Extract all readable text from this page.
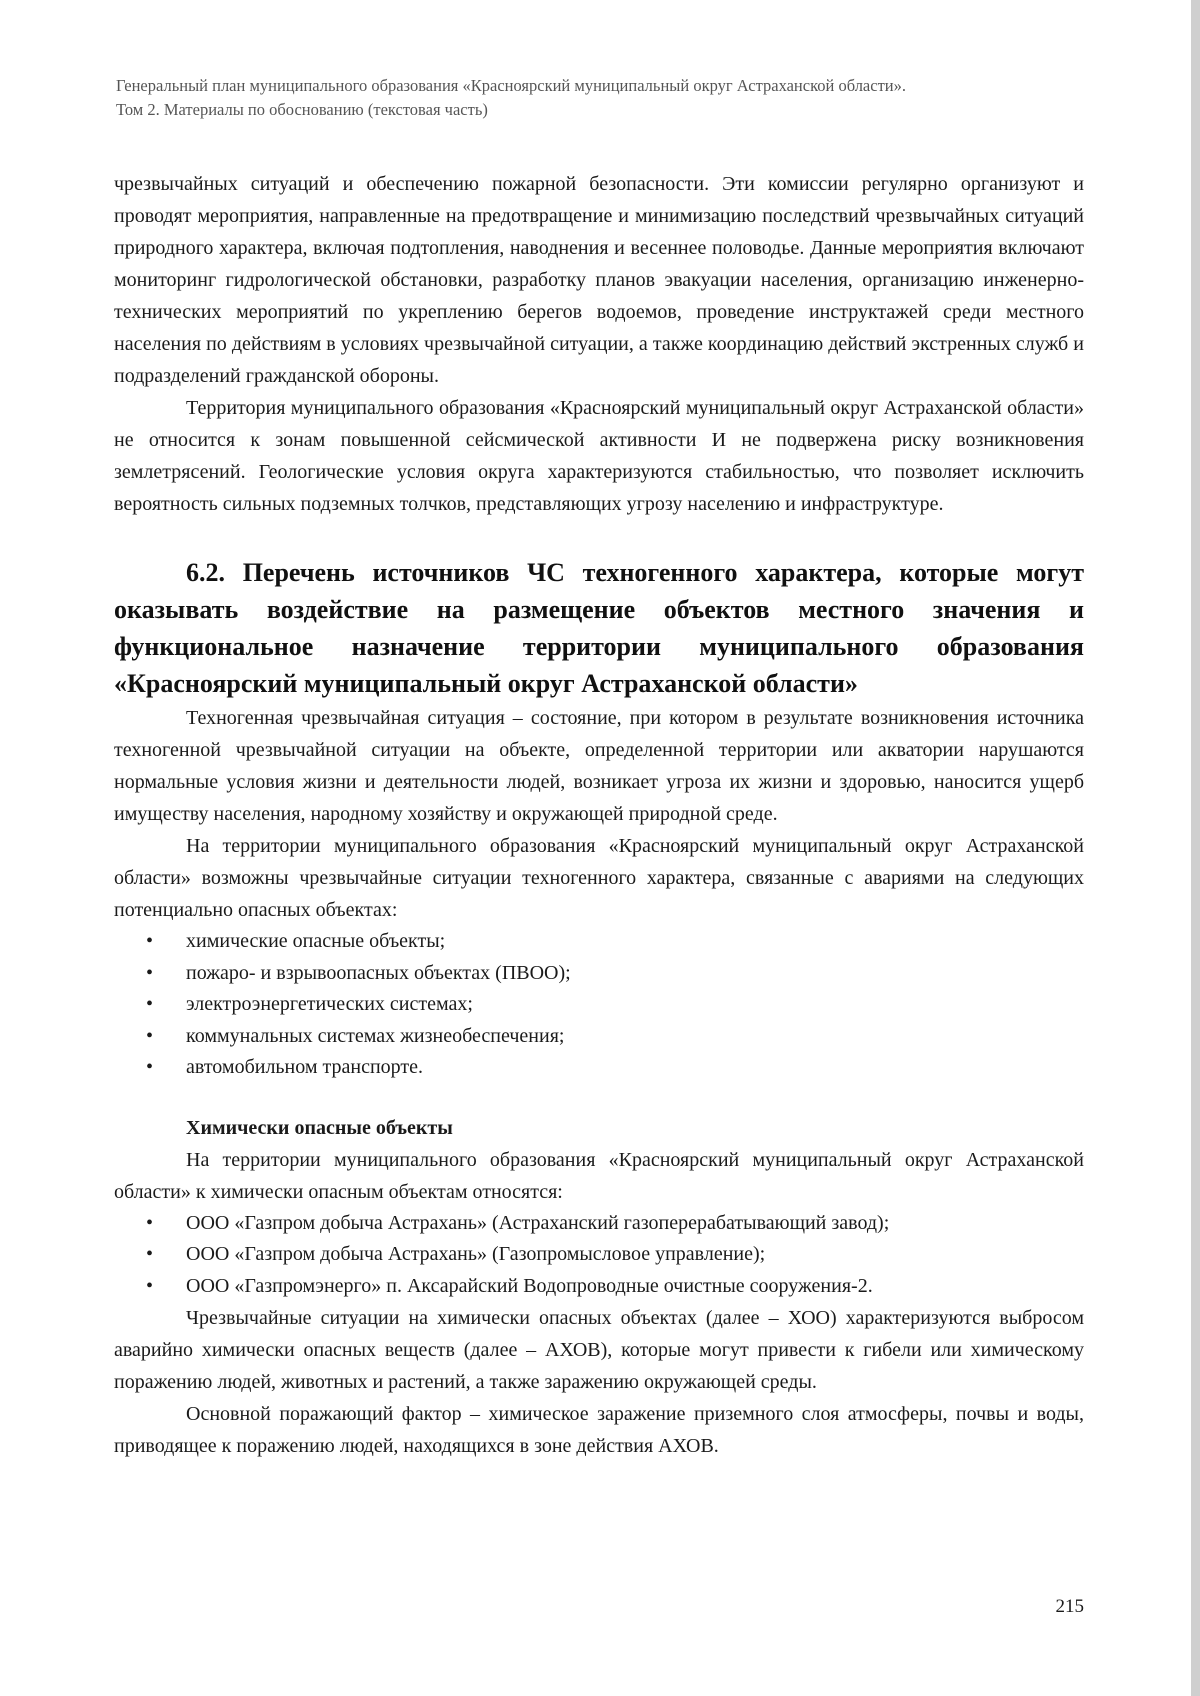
Генеральный план муниципального образования «Красноярский муниципальный округ Астраханской области».
Том 2. Материалы по обоснованию (текстовая часть)

чрезвычайных ситуаций и обеспечению пожарной безопасности. Эти комиссии регулярно организуют и проводят мероприятия, направленные на предотвращение и минимизацию последствий чрезвычайных ситуаций природного характера, включая подтопления, наводнения и весеннее половодье. Данные мероприятия включают мониторинг гидрологической обстановки, разработку планов эвакуации населения, организацию инженерно-технических мероприятий по укреплению берегов водоемов, проведение инструктажей среди местного населения по действиям в условиях чрезвычайной ситуации, а также координацию действий экстренных служб и подразделений гражданской обороны.

Территория муниципального образования «Красноярский муниципальный округ Астраханской области» не относится к зонам повышенной сейсмической активности И не подвержена риску возникновения землетрясений. Геологические условия округа характеризуются стабильностью, что позволяет исключить вероятность сильных подземных толчков, представляющих угрозу населению и инфраструктуре.

6.2. Перечень источников ЧС техногенного характера, которые могут оказывать воздействие на размещение объектов местного значения и функциональное назначение территории муниципального образования «Красноярский муниципальный округ Астраханской области»

Техногенная чрезвычайная ситуация – состояние, при котором в результате возникновения источника техногенной чрезвычайной ситуации на объекте, определенной территории или акватории нарушаются нормальные условия жизни и деятельности людей, возникает угроза их жизни и здоровью, наносится ущерб имуществу населения, народному хозяйству и окружающей природной среде.

На территории муниципального образования «Красноярский муниципальный округ Астраханской области» возможны чрезвычайные ситуации техногенного характера, связанные с авариями на следующих потенциально опасных объектах:

• химические опасные объекты;
• пожаро- и взрывоопасных объектах (ПВОО);
• электроэнергетических системах;
• коммунальных системах жизнеобеспечения;
• автомобильном транспорте.
Химически опасные объекты

На территории муниципального образования «Красноярский муниципальный округ Астраханской области» к химически опасным объектам относятся:

• ООО «Газпром добыча Астрахань» (Астраханский газоперерабатывающий завод);
• ООО «Газпром добыча Астрахань» (Газопромысловое управление);
• ООО «Газпромэнерго» п. Аксарайский Водопроводные очистные сооружения-2.

Чрезвычайные ситуации на химически опасных объектах (далее – ХОО) характеризуются выбросом аварийно химически опасных веществ (далее – АХОВ), которые могут привести к гибели или химическому поражению людей, животных и растений, а также заражению окружающей среды.

Основной поражающий фактор – химическое заражение приземного слоя атмосферы, почвы и воды, приводящее к поражению людей, находящихся в зоне действия АХОВ.

215
